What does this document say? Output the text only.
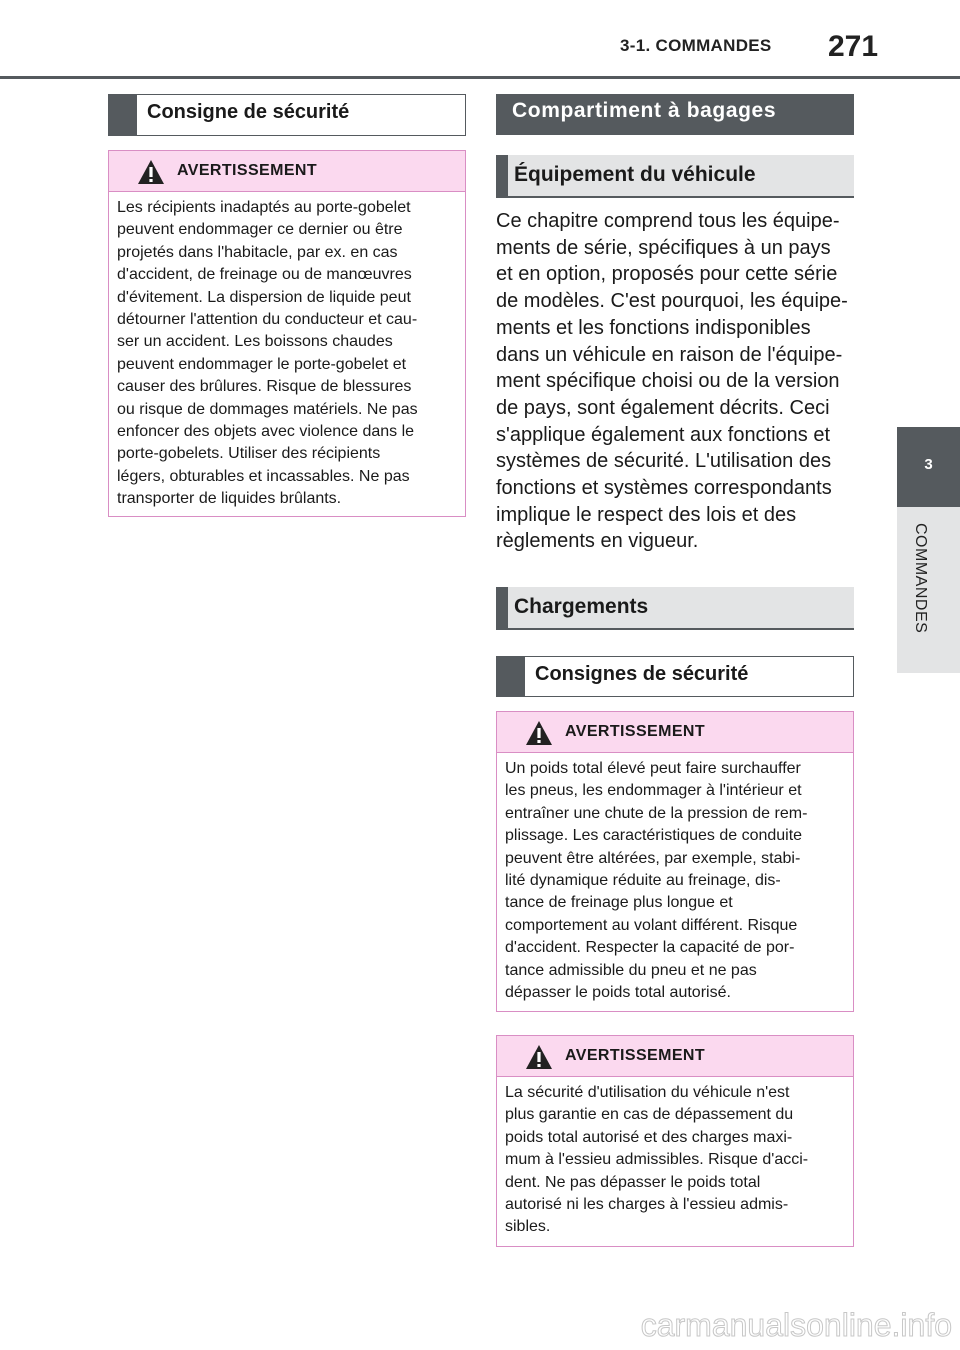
3-1. COMMANDES 271
3
COMMANDES
Consigne de sécurité
AVERTISSEMENT

Les récipients inadaptés au porte-gobelet
peuvent endommager ce dernier ou être
projetés dans l'habitacle, par ex. en cas
d'accident, de freinage ou de manœuvres
d'évitement. La dispersion de liquide peut
détourner l'attention du conducteur et cau-
ser un accident. Les boissons chaudes
peuvent endommager le porte-gobelet et
causer des brûlures. Risque de blessures
ou risque de dommages matériels. Ne pas
enfoncer des objets avec violence dans le
porte-gobelets. Utiliser des récipients
légers, obturables et incassables. Ne pas
transporter de liquides brûlants.

Compartiment à bagages
Équipement du véhicule

Ce chapitre comprend tous les équipe-
ments de série, spécifiques à un pays
et en option, proposés pour cette série
de modèles. C'est pourquoi, les équipe-
ments et les fonctions indisponibles
dans un véhicule en raison de l'équipe-
ment spécifique choisi ou de la version
de pays, sont également décrits. Ceci
s'applique également aux fonctions et
systèmes de sécurité. L'utilisation des
fonctions et systèmes correspondants
implique le respect des lois et des
règlements en vigueur.

Chargements
Consignes de sécurité
AVERTISSEMENT

Un poids total élevé peut faire surchauffer
les pneus, les endommager à l'intérieur et
entraîner une chute de la pression de rem-
plissage. Les caractéristiques de conduite
peuvent être altérées, par exemple, stabi-
lité dynamique réduite au freinage, dis-
tance de freinage plus longue et
comportement au volant différent. Risque
d'accident. Respecter la capacité de por-
tance admissible du pneu et ne pas
dépasser le poids total autorisé.

AVERTISSEMENT

La sécurité d'utilisation du véhicule n'est
plus garantie en cas de dépassement du
poids total autorisé et des charges maxi-
mum à l'essieu admissibles. Risque d'acci-
dent. Ne pas dépasser le poids total
autorisé ni les charges à l'essieu admis-
sibles.

carmanualsonline.info
